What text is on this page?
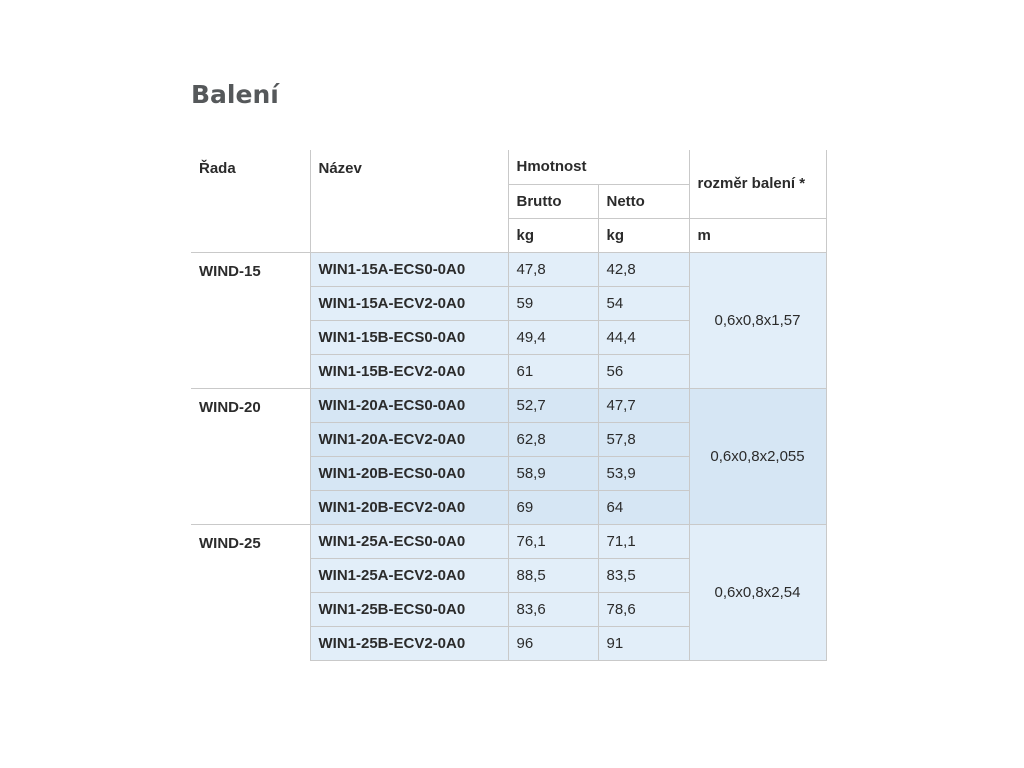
Balení
Řada	Název	Hmotnost		rozměr balení *
		Brutto	Netto	
		kg	kg	m
WIND-15	WIN1-15A-ECS0-0A0	47,8	42,8	0,6x0,8x1,57
	WIN1-15A-ECV2-0A0	59	54	
	WIN1-15B-ECS0-0A0	49,4	44,4	
	WIN1-15B-ECV2-0A0	61	56	
WIND-20	WIN1-20A-ECS0-0A0	52,7	47,7	0,6x0,8x2,055
	WIN1-20A-ECV2-0A0	62,8	57,8	
	WIN1-20B-ECS0-0A0	58,9	53,9	
	WIN1-20B-ECV2-0A0	69	64	
WIND-25	WIN1-25A-ECS0-0A0	76,1	71,1	0,6x0,8x2,54
	WIN1-25A-ECV2-0A0	88,5	83,5	
	WIN1-25B-ECS0-0A0	83,6	78,6	
	WIN1-25B-ECV2-0A0	96	91	
